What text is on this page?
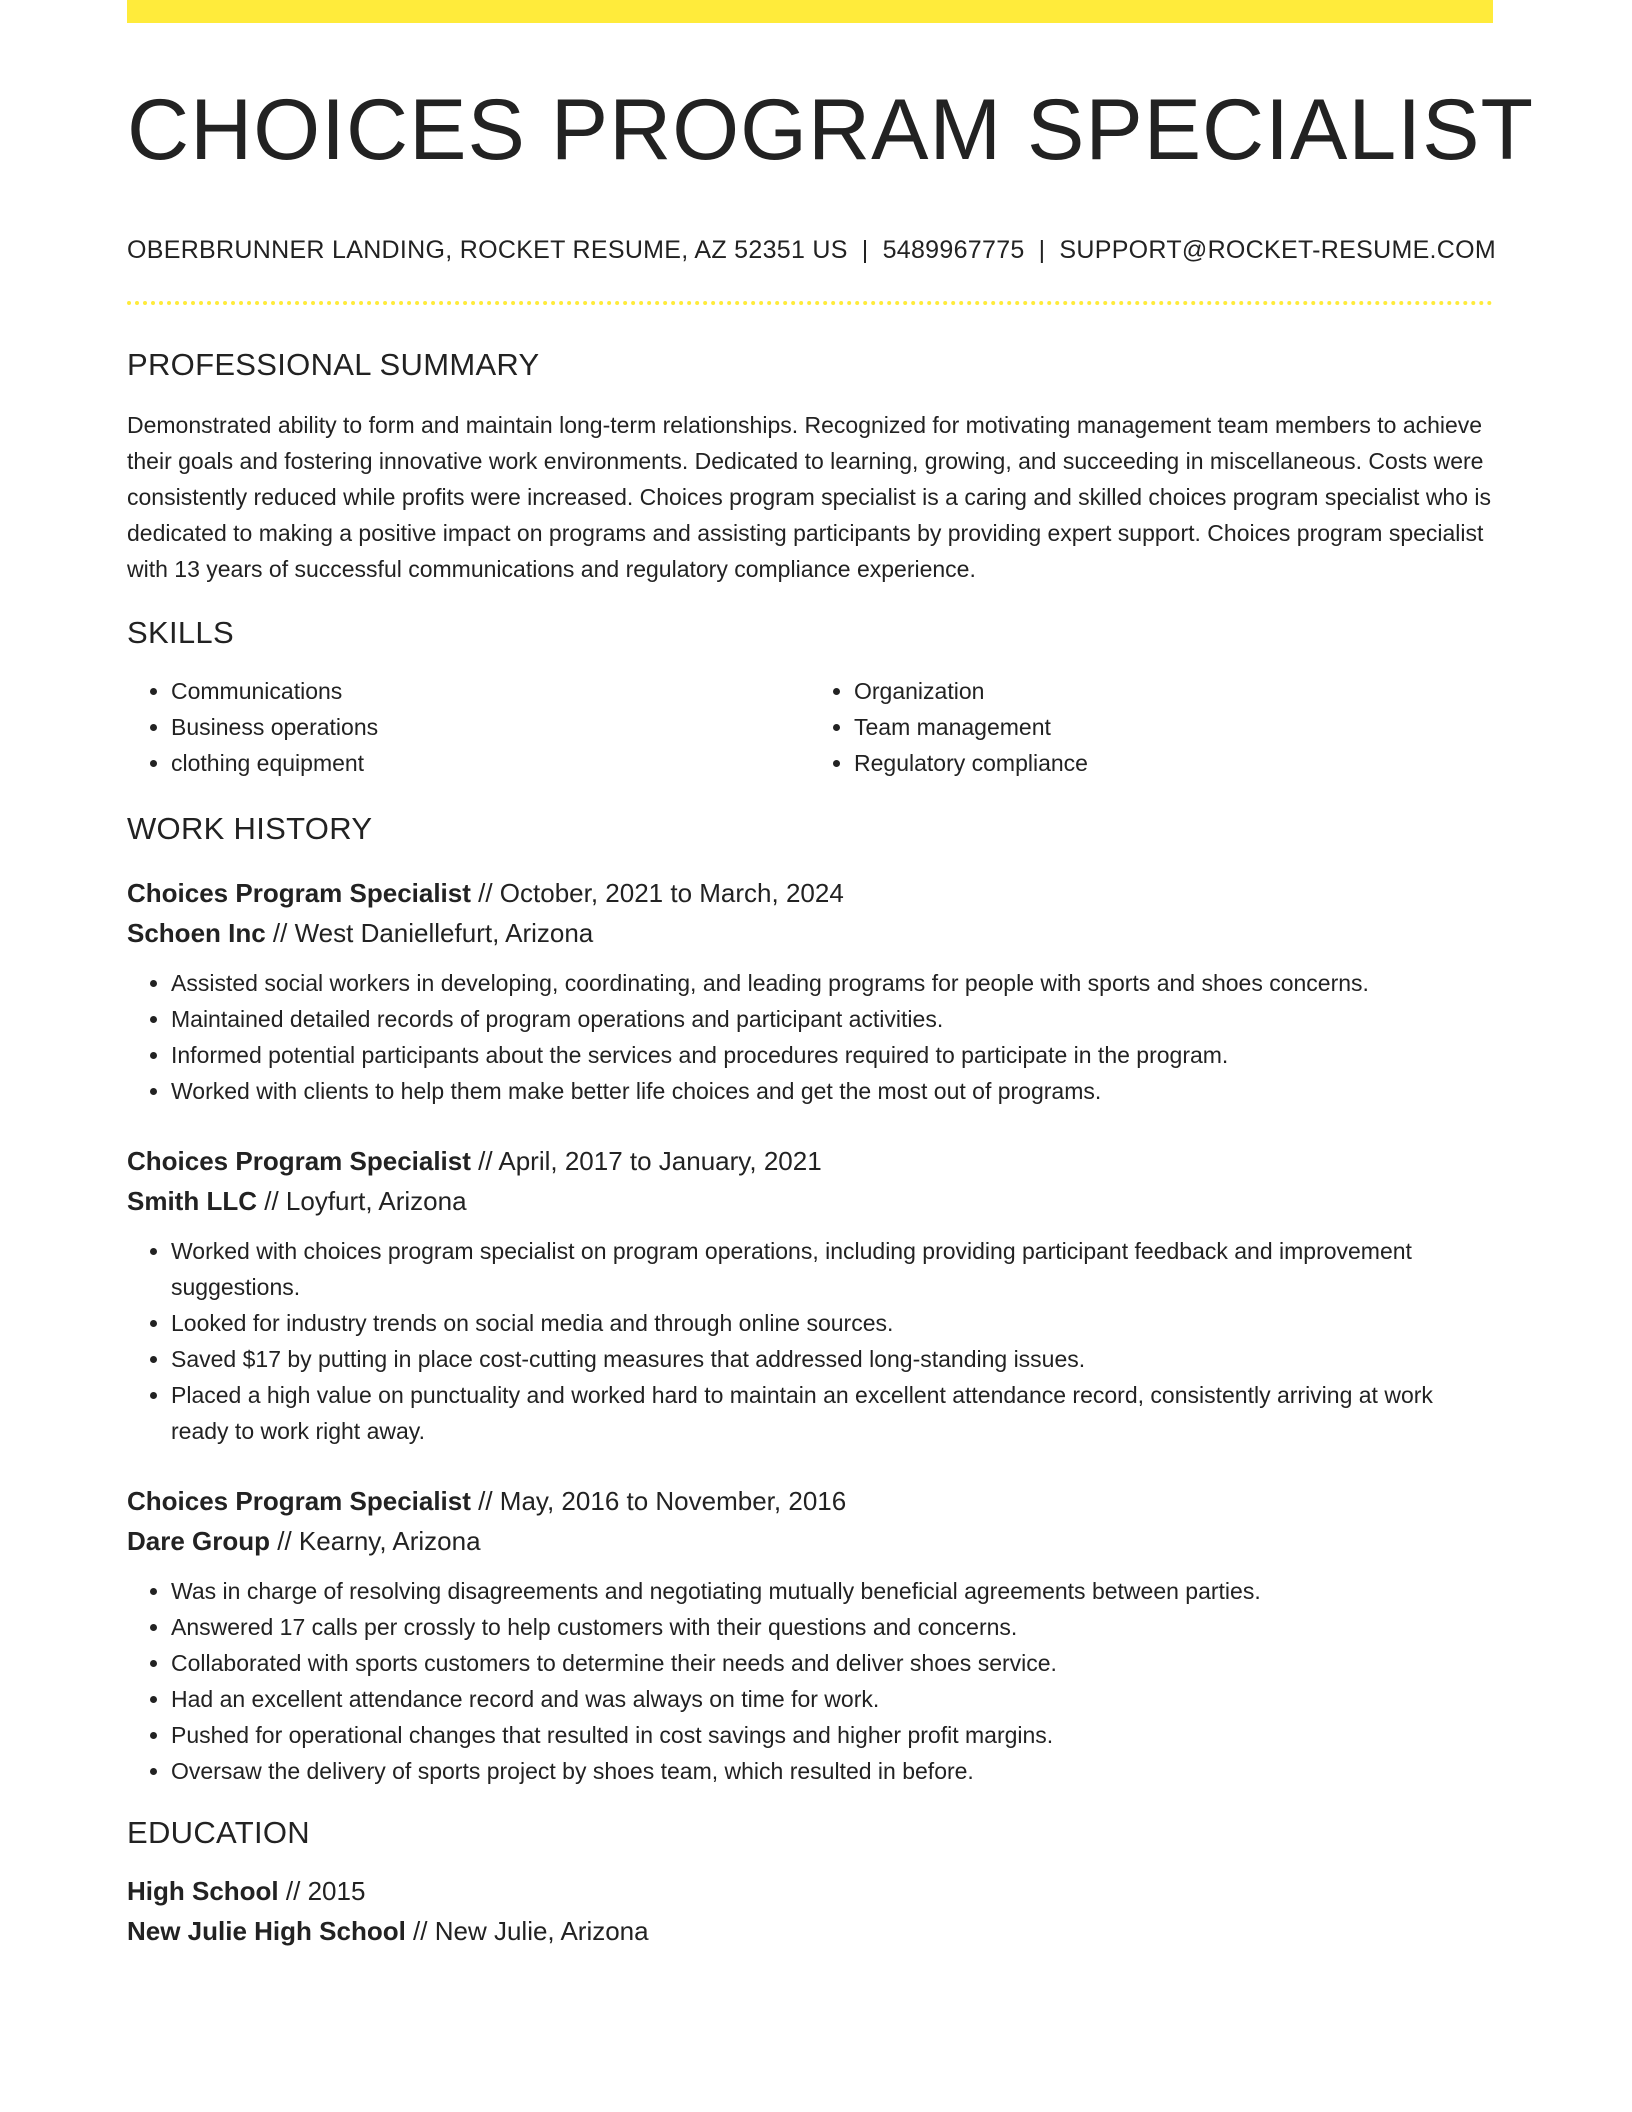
CHOICES PROGRAM SPECIALIST
OBERBRUNNER LANDING, ROCKET RESUME, AZ 52351 US | 5489967775 | SUPPORT@ROCKET-RESUME.COM
PROFESSIONAL SUMMARY
Demonstrated ability to form and maintain long-term relationships. Recognized for motivating management team members to achieve their goals and fostering innovative work environments. Dedicated to learning, growing, and succeeding in miscellaneous. Costs were consistently reduced while profits were increased. Choices program specialist is a caring and skilled choices program specialist who is dedicated to making a positive impact on programs and assisting participants by providing expert support. Choices program specialist with 13 years of successful communications and regulatory compliance experience.
SKILLS
• Communications
• Business operations
• clothing equipment
• Organization
• Team management
• Regulatory compliance
WORK HISTORY
Choices Program Specialist // October, 2021 to March, 2024
Schoen Inc // West Daniellefurt, Arizona
• Assisted social workers in developing, coordinating, and leading programs for people with sports and shoes concerns.
• Maintained detailed records of program operations and participant activities.
• Informed potential participants about the services and procedures required to participate in the program.
• Worked with clients to help them make better life choices and get the most out of programs.
Choices Program Specialist // April, 2017 to January, 2021
Smith LLC // Loyfurt, Arizona
• Worked with choices program specialist on program operations, including providing participant feedback and improvement suggestions.
• Looked for industry trends on social media and through online sources.
• Saved $17 by putting in place cost-cutting measures that addressed long-standing issues.
• Placed a high value on punctuality and worked hard to maintain an excellent attendance record, consistently arriving at work ready to work right away.
Choices Program Specialist // May, 2016 to November, 2016
Dare Group // Kearny, Arizona
• Was in charge of resolving disagreements and negotiating mutually beneficial agreements between parties.
• Answered 17 calls per crossly to help customers with their questions and concerns.
• Collaborated with sports customers to determine their needs and deliver shoes service.
• Had an excellent attendance record and was always on time for work.
• Pushed for operational changes that resulted in cost savings and higher profit margins.
• Oversaw the delivery of sports project by shoes team, which resulted in before.
EDUCATION
High School // 2015
New Julie High School // New Julie, Arizona
